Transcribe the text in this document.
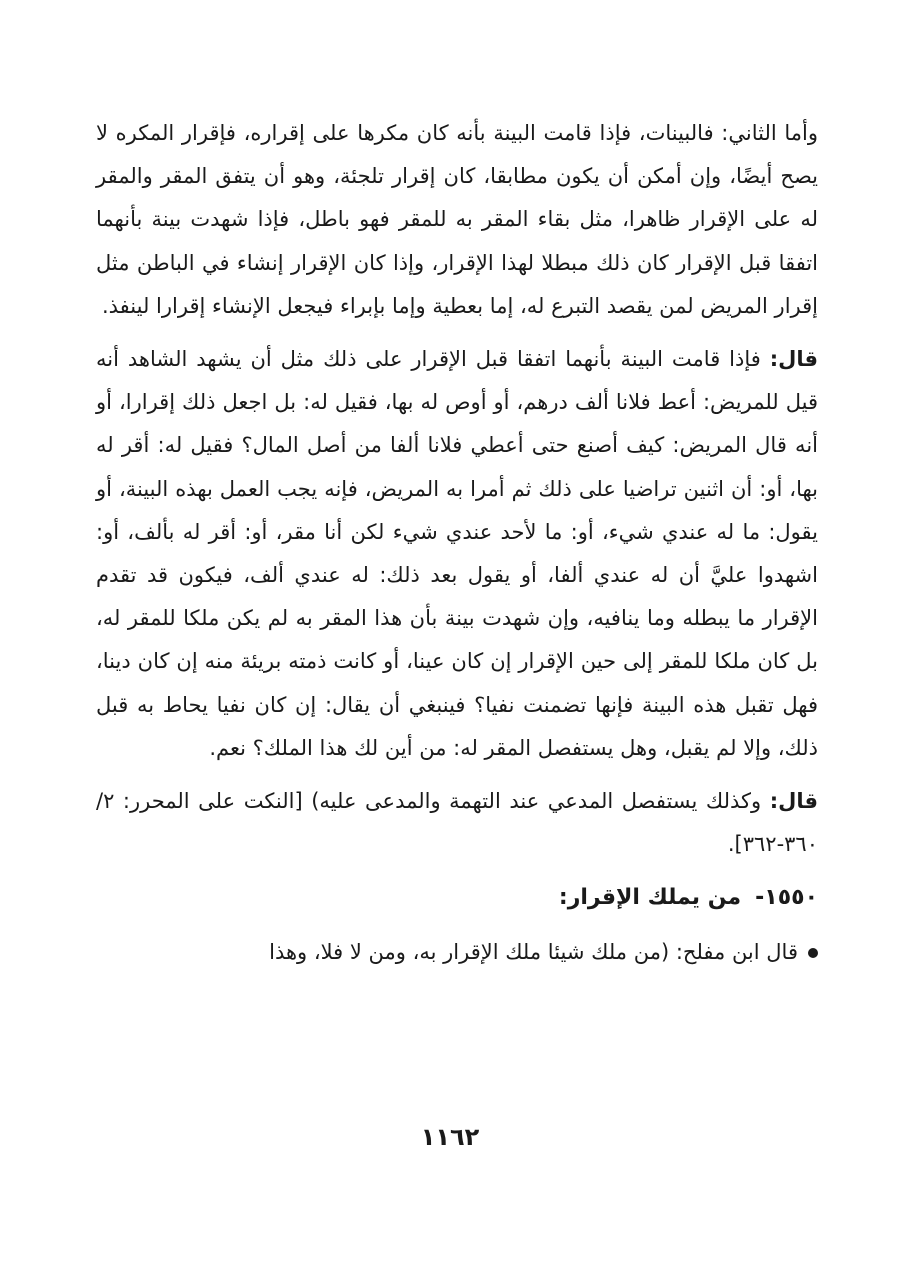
وأما الثاني: فالبينات، فإذا قامت البينة بأنه كان مكرها على إقراره، فإقرار المكره لا يصح أيضًا، وإن أمكن أن يكون مطابقا، كان إقرار تلجئة، وهو أن يتفق المقر والمقر له على الإقرار ظاهرا، مثل بقاء المقر به للمقر فهو باطل، فإذا شهدت بينة بأنهما اتفقا قبل الإقرار كان ذلك مبطلا لهذا الإقرار، وإذا كان الإقرار إنشاء في الباطن مثل إقرار المريض لمن يقصد التبرع له، إما بعطية وإما بإبراء فيجعل الإنشاء إقرارا لينفذ.

قال: فإذا قامت البينة بأنهما اتفقا قبل الإقرار على ذلك مثل أن يشهد الشاهد أنه قيل للمريض: أعط فلانا ألف درهم، أو أوص له بها، فقيل له: بل اجعل ذلك إقرارا، أو أنه قال المريض: كيف أصنع حتى أعطي فلانا ألفا من أصل المال؟ فقيل له: أقر له بها، أو: أن اثنين تراضيا على ذلك ثم أمرا به المريض، فإنه يجب العمل بهذه البينة، أو يقول: ما له عندي شيء، أو: ما لأحد عندي شيء لكن أنا مقر، أو: أقر له بألف، أو: اشهدوا عليَّ أن له عندي ألفا، أو يقول بعد ذلك: له عندي ألف، فيكون قد تقدم الإقرار ما يبطله وما ينافيه، وإن شهدت بينة بأن هذا المقر به لم يكن ملكا للمقر له، بل كان ملكا للمقر إلى حين الإقرار إن كان عينا، أو كانت ذمته بريئة منه إن كان دينا، فهل تقبل هذه البينة فإنها تضمنت نفيا؟ فينبغي أن يقال: إن كان نفيا يحاط به قبل ذلك، وإلا لم يقبل، وهل يستفصل المقر له: من أين لك هذا الملك؟ نعم.

قال: وكذلك يستفصل المدعي عند التهمة والمدعى عليه) [النكت على المحرر: ٢/ ٣٦٠-٣٦٢].

١٥٥٠-
من يملك الإقرار:

قال ابن مفلح: (من ملك شيئا ملك الإقرار به، ومن لا فلا، وهذا

١١٦٢
